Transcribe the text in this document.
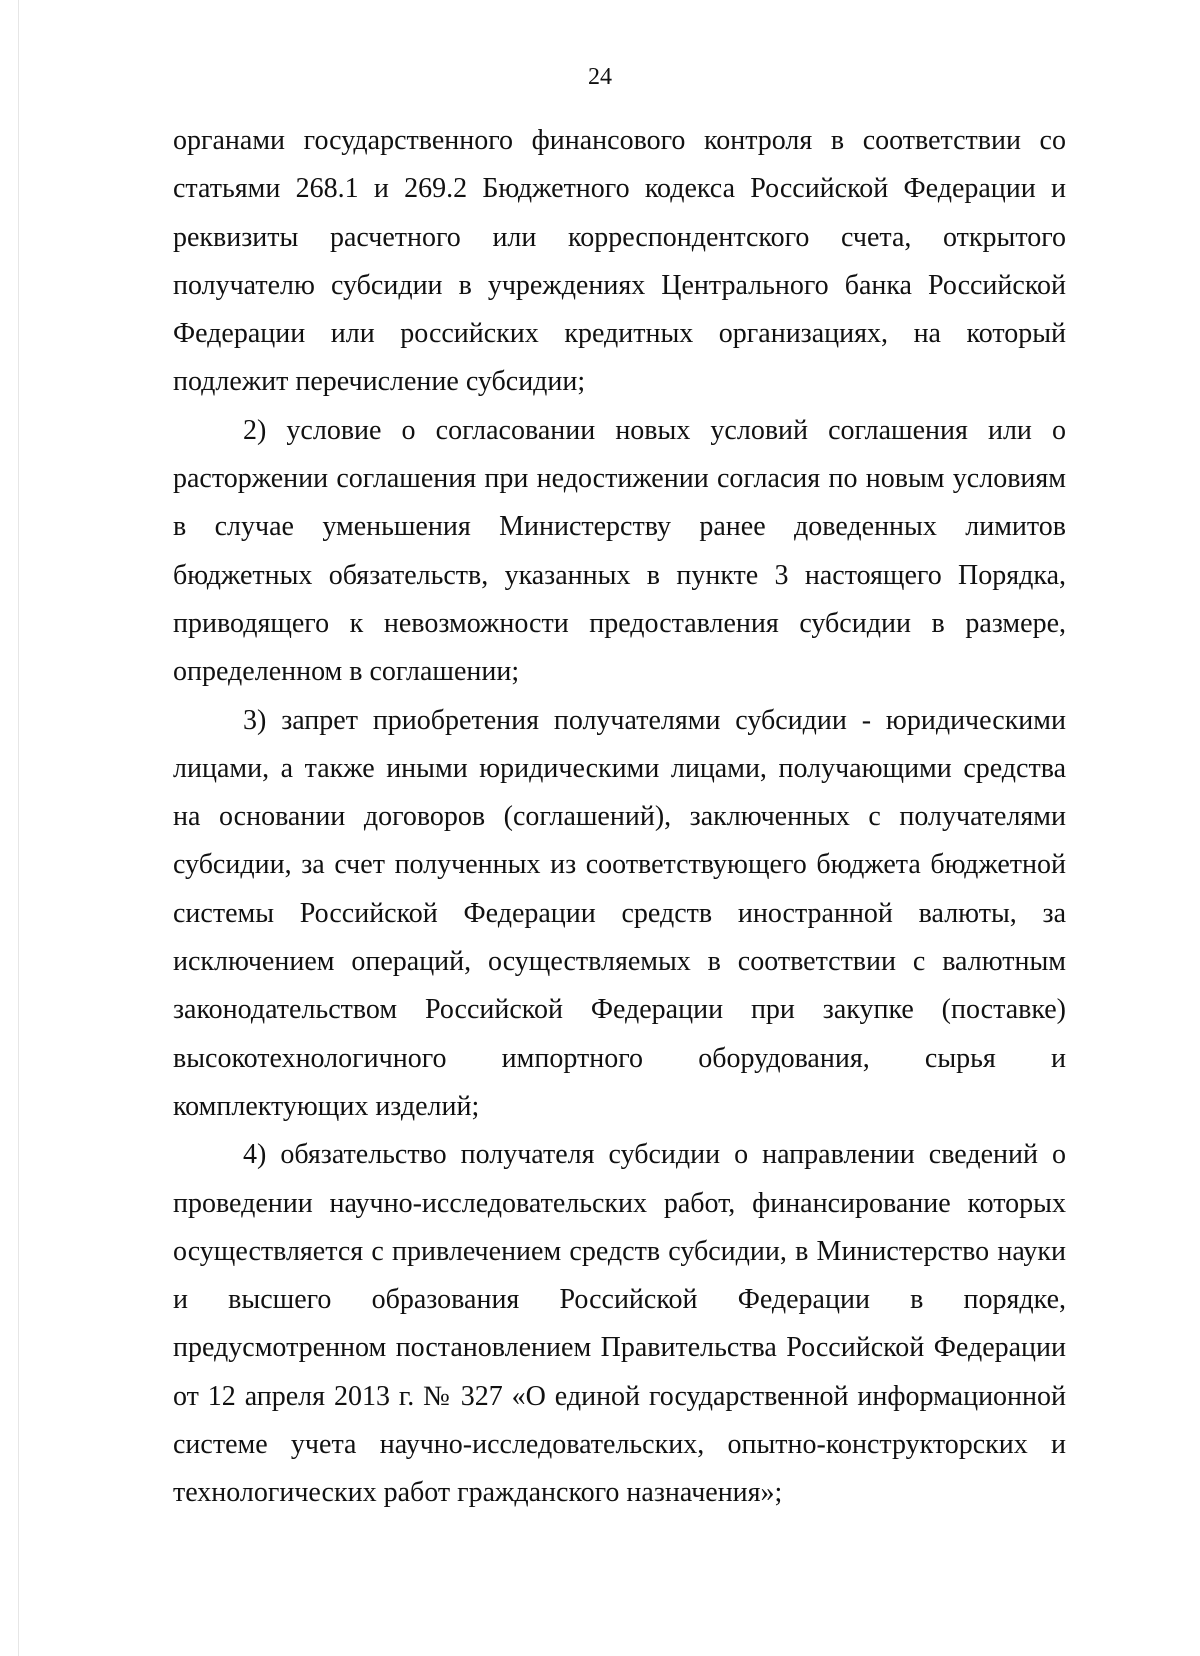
24

органами государственного финансового контроля в соответствии со статьями 268.1 и 269.2 Бюджетного кодекса Российской Федерации и реквизиты расчетного или корреспондентского счета, открытого получателю субсидии в учреждениях Центрального банка Российской Федерации или российских кредитных организациях, на который подлежит перечисление субсидии;

2) условие о согласовании новых условий соглашения или о расторжении соглашения при недостижении согласия по новым условиям в случае уменьшения Министерству ранее доведенных лимитов бюджетных обязательств, указанных в пункте 3 настоящего Порядка, приводящего к невозможности предоставления субсидии в размере, определенном в соглашении;

3) запрет приобретения получателями субсидии - юридическими лицами, а также иными юридическими лицами, получающими средства на основании договоров (соглашений), заключенных с получателями субсидии, за счет полученных из соответствующего бюджета бюджетной системы Российской Федерации средств иностранной валюты, за исключением операций, осуществляемых в соответствии с валютным законодательством Российской Федерации при закупке (поставке) высокотехнологичного импортного оборудования, сырья и комплектующих изделий;

4) обязательство получателя субсидии о направлении сведений о проведении научно-исследовательских работ, финансирование которых осуществляется с привлечением средств субсидии, в Министерство науки и высшего образования Российской Федерации в порядке, предусмотренном постановлением Правительства Российской Федерации от 12 апреля 2013 г. № 327 «О единой государственной информационной системе учета научно-исследовательских, опытно-конструкторских и технологических работ гражданского назначения»;
